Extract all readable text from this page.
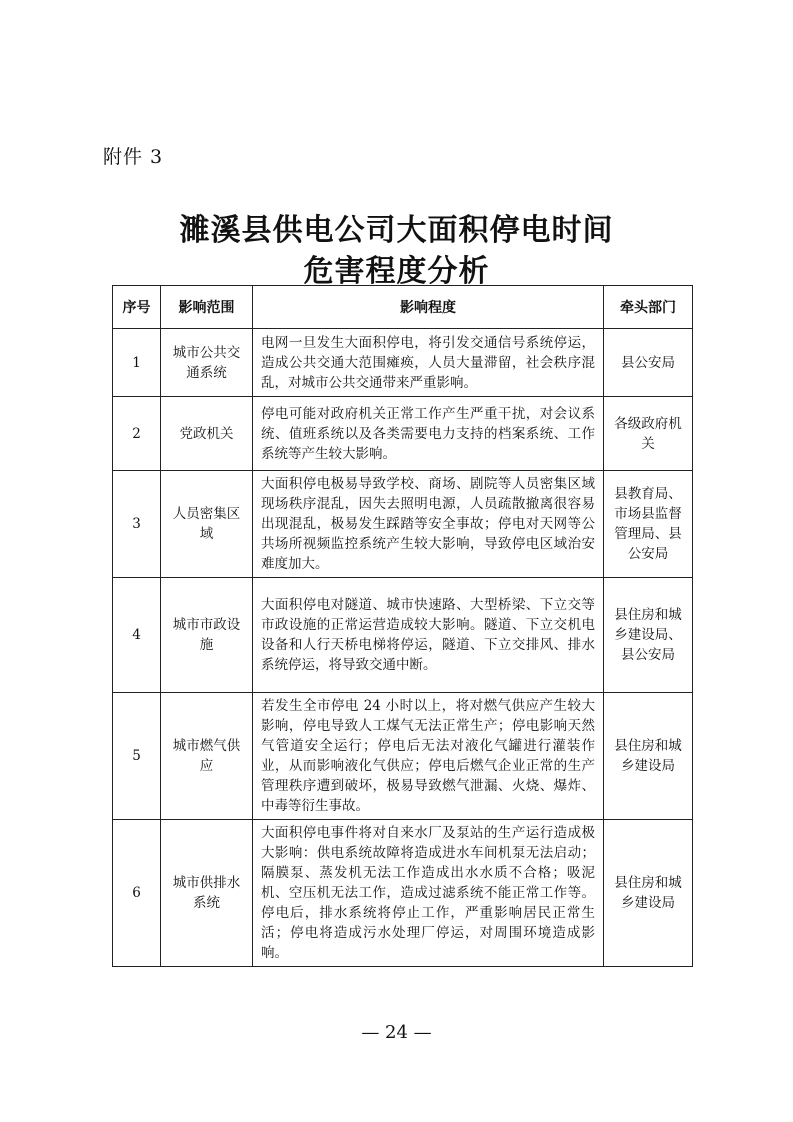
附件 3
濉溪县供电公司大面积停电时间
危害程度分析
序号	影响范围	影响程度	牵头部门
1	城市公共交通系统	电网一旦发生大面积停电，将引发交通信号系统停运，造成公共交通大范围瘫痪，人员大量滞留，社会秩序混乱，对城市公共交通带来严重影响。	县公安局
2	党政机关	停电可能对政府机关正常工作产生严重干扰，对会议系统、值班系统以及各类需要电力支持的档案系统、工作系统等产生较大影响。	各级政府机关
3	人员密集区域	大面积停电极易导致学校、商场、剧院等人员密集区域现场秩序混乱，因失去照明电源，人员疏散撤离很容易出现混乱，极易发生踩踏等安全事故；停电对天网等公共场所视频监控系统产生较大影响，导致停电区域治安难度加大。	县教育局、市场县监督管理局、县公安局
4	城市市政设施	大面积停电对隧道、城市快速路、大型桥梁、下立交等市政设施的正常运营造成较大影响。隧道、下立交机电设备和人行天桥电梯将停运，隧道、下立交排风、排水系统停运，将导致交通中断。	县住房和城乡建设局、县公安局
5	城市燃气供应	若发生全市停电 24 小时以上，将对燃气供应产生较大影响，停电导致人工煤气无法正常生产；停电影响天然气管道安全运行；停电后无法对液化气罐进行灌装作业，从而影响液化气供应；停电后燃气企业正常的生产管理秩序遭到破坏，极易导致燃气泄漏、火烧、爆炸、中毒等衍生事故。	县住房和城乡建设局
6	城市供排水系统	大面积停电事件将对自来水厂及泵站的生产运行造成极大影响：供电系统故障将造成进水车间机泵无法启动；隔膜泵、蒸发机无法工作造成出水水质不合格；吸泥机、空压机无法工作，造成过滤系统不能正常工作等。停电后，排水系统将停止工作，严重影响居民正常生活；停电将造成污水处理厂停运，对周围环境造成影响。	县住房和城乡建设局
— 24 —
